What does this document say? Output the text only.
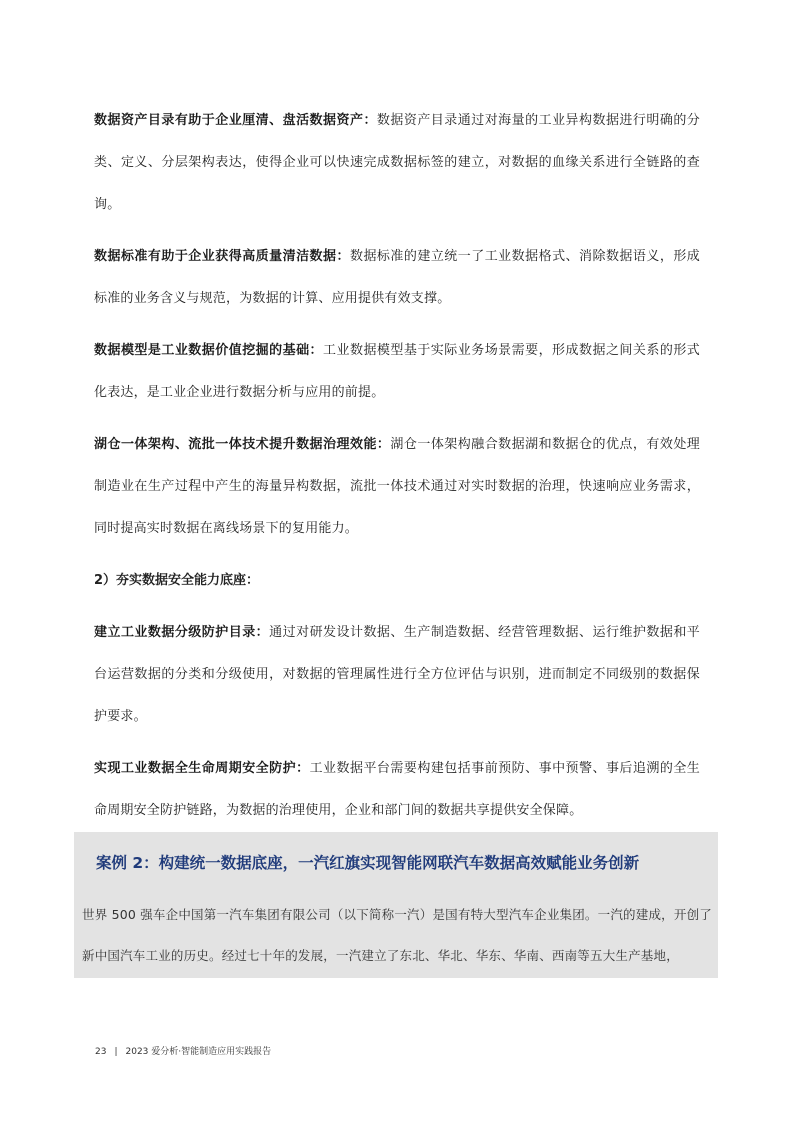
数据资产目录有助于企业厘清、盘活数据资产：数据资产目录通过对海量的工业异构数据进行明确的分类、定义、分层架构表达，使得企业可以快速完成数据标签的建立，对数据的血缘关系进行全链路的查询。

数据标准有助于企业获得高质量清洁数据：数据标准的建立统一了工业数据格式、消除数据语义，形成标准的业务含义与规范，为数据的计算、应用提供有效支撑。

数据模型是工业数据价值挖掘的基础：工业数据模型基于实际业务场景需要，形成数据之间关系的形式化表达，是工业企业进行数据分析与应用的前提。

湖仓一体架构、流批一体技术提升数据治理效能：湖仓一体架构融合数据湖和数据仓的优点，有效处理制造业在生产过程中产生的海量异构数据，流批一体技术通过对实时数据的治理，快速响应业务需求，同时提高实时数据在离线场景下的复用能力。

2）夯实数据安全能力底座：

建立工业数据分级防护目录：通过对研发设计数据、生产制造数据、经营管理数据、运行维护数据和平台运营数据的分类和分级使用，对数据的管理属性进行全方位评估与识别，进而制定不同级别的数据保护要求。

实现工业数据全生命周期安全防护：工业数据平台需要构建包括事前预防、事中预警、事后追溯的全生命周期安全防护链路，为数据的治理使用，企业和部门间的数据共享提供安全保障。

案例 2：构建统一数据底座，一汽红旗实现智能网联汽车数据高效赋能业务创新
世界 500 强车企中国第一汽车集团有限公司（以下简称一汽）是国有特大型汽车企业集团。一汽的建成，开创了新中国汽车工业的历史。经过七十年的发展，一汽建立了东北、华北、华东、华南、西南等五大生产基地，
23 | 2023 爱分析·智能制造应用实践报告
